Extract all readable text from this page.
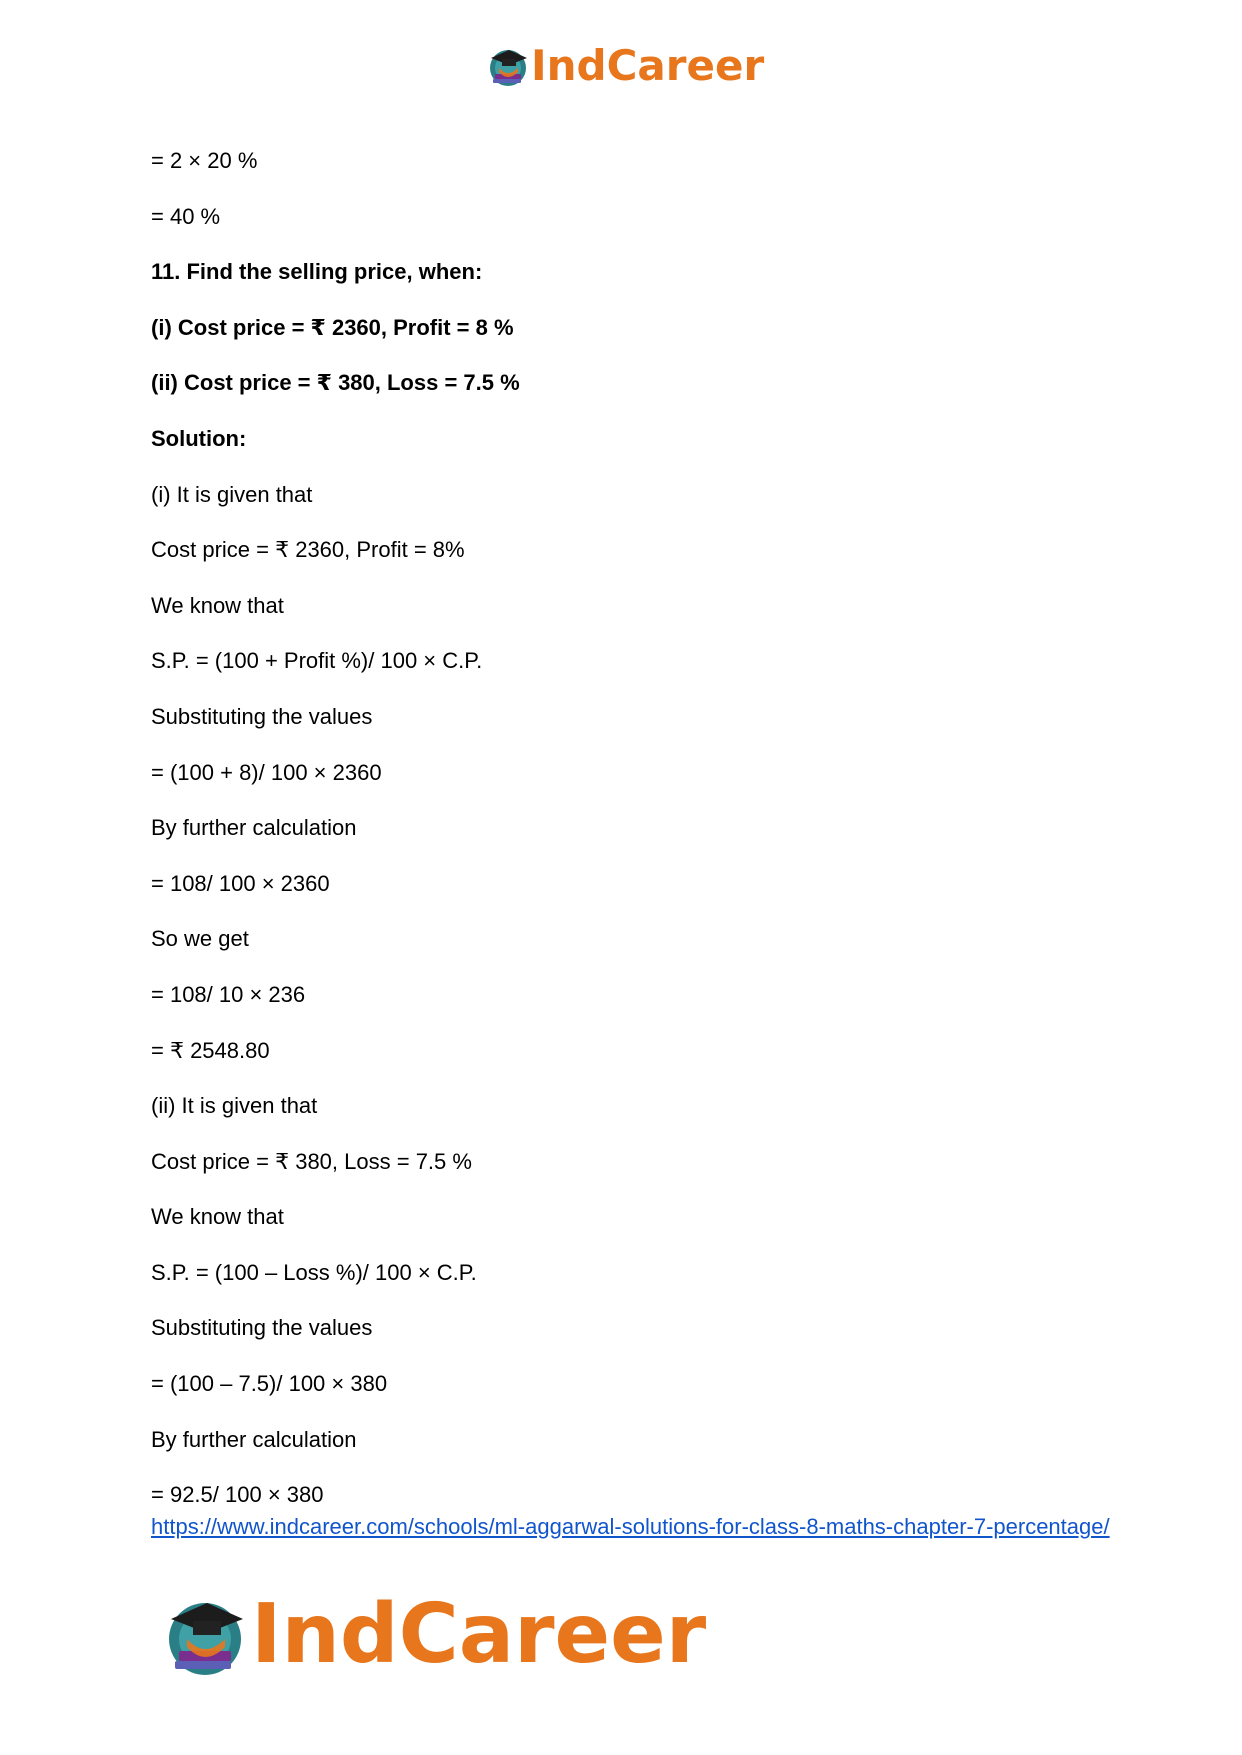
IndCareer
= 2 × 20 %
= 40 %
11. Find the selling price, when:
(i) Cost price = ₹ 2360, Profit = 8 %
(ii) Cost price = ₹ 380, Loss = 7.5 %
Solution:
(i) It is given that
Cost price = ₹ 2360, Profit = 8%
We know that
S.P. = (100 + Profit %)/ 100 × C.P.
Substituting the values
= (100 + 8)/ 100 × 2360
By further calculation
= 108/ 100 × 2360
So we get
= 108/ 10 × 236
= ₹ 2548.80
(ii) It is given that
Cost price = ₹ 380, Loss = 7.5 %
We know that
S.P. = (100 – Loss %)/ 100 × C.P.
Substituting the values
= (100 – 7.5)/ 100 × 380
By further calculation
= 92.5/ 100 × 380
https://www.indcareer.com/schools/ml-aggarwal-solutions-for-class-8-maths-chapter-7-percentage/
IndCareer
